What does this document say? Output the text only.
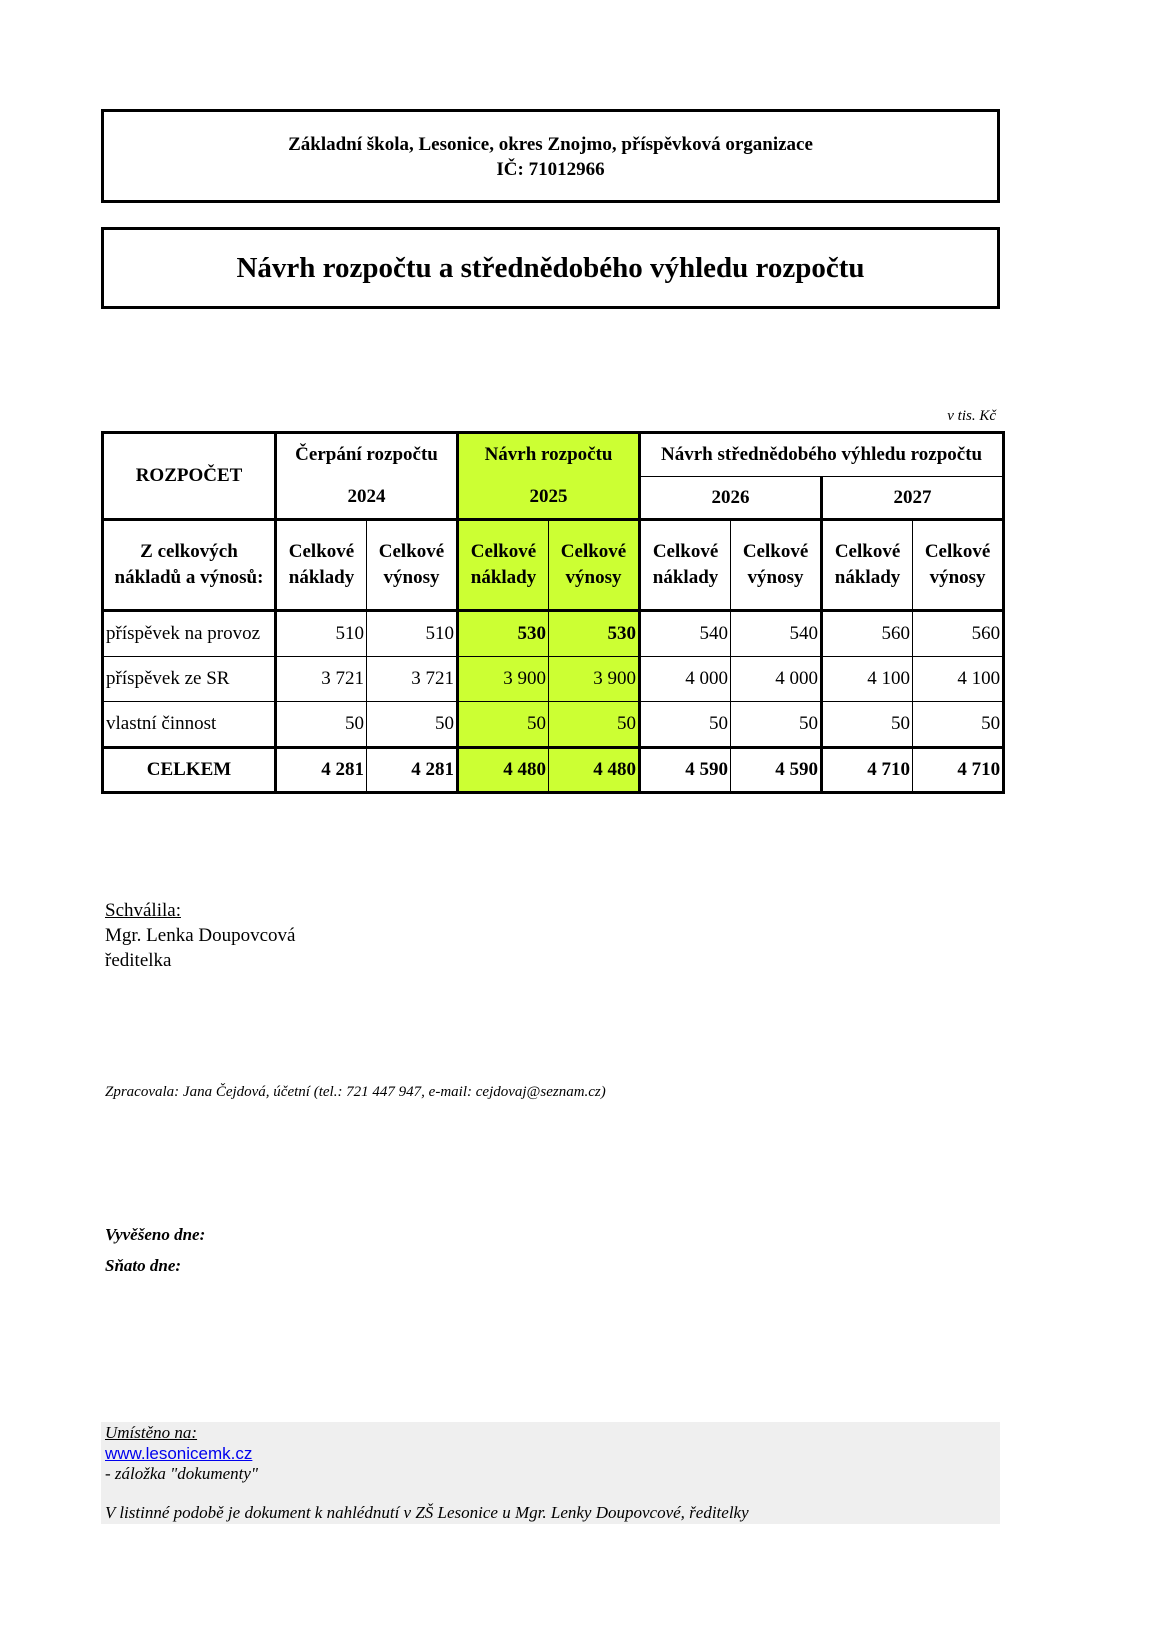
Základní škola, Lesonice, okres Znojmo, příspěvková organizace
IČ: 71012966
Návrh rozpočtu a střednědobého výhledu rozpočtu
v tis. Kč
ROZPOČET	Čerpání rozpočtu		Návrh rozpočtu		Návrh střednědobého výhledu rozpočtu			
	2024		2025		2026		2027	
Z celkových nákladů a výnosů:	Celkové náklady	Celkové výnosy	Celkové náklady	Celkové výnosy	Celkové náklady	Celkové výnosy	Celkové náklady	Celkové výnosy
příspěvek na provoz	510	510	530	530	540	540	560	560
příspěvek ze SR	3 721	3 721	3 900	3 900	4 000	4 000	4 100	4 100
vlastní činnost	50	50	50	50	50	50	50	50
CELKEM	4 281	4 281	4 480	4 480	4 590	4 590	4 710	4 710
Schválila:
Mgr. Lenka Doupovcová
ředitelka
Zpracovala: Jana Čejdová, účetní (tel.: 721 447 947, e-mail: cejdovaj@seznam.cz)
Vyvěšeno dne:
Sňato dne:
Umístěno na:
www.lesonicemk.cz
- záložka "dokumenty"
V listinné podobě je dokument k nahlédnutí v ZŠ Lesonice u Mgr. Lenky Doupovcové, ředitelky
